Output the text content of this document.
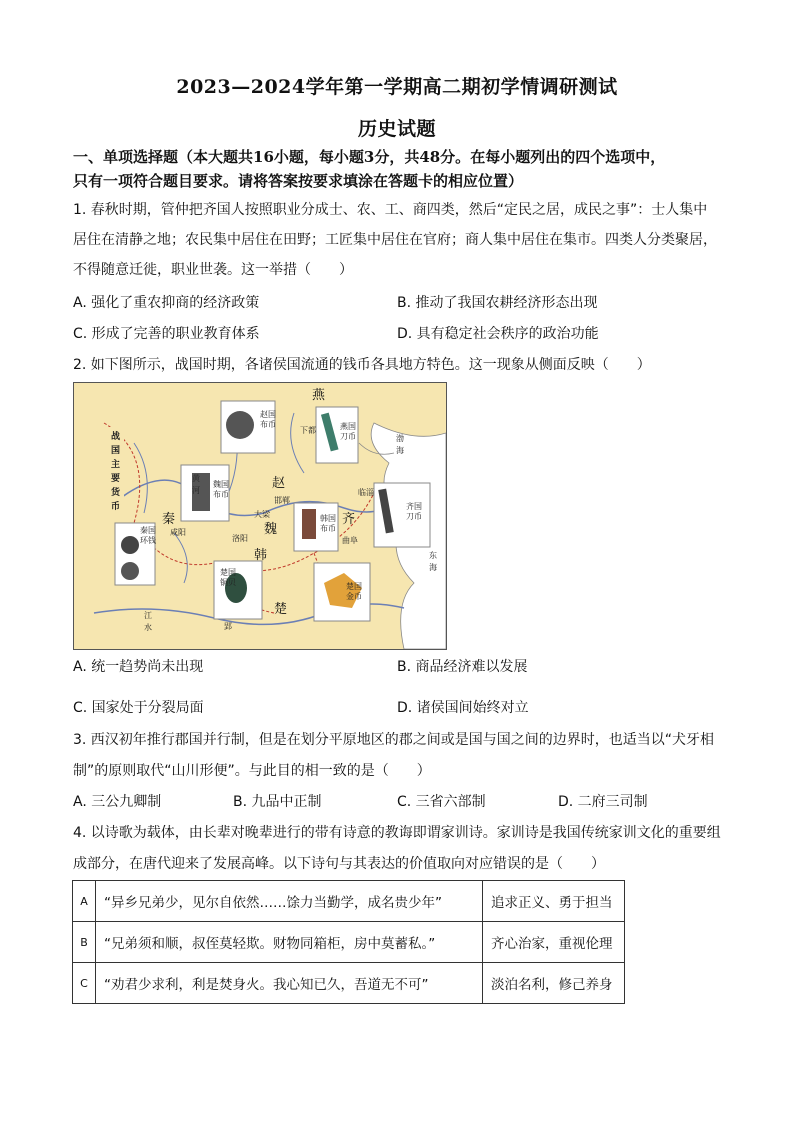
2023—2024学年第一学期高二期初学情调研测试
历史试题
一、单项选择题（本大题共16小题，每小题3分，共48分。在每小题列出的四个选项中，
只有一项符合题目要求。请将答案按要求填涂在答题卡的相应位置）
1. 春秋时期，管仲把齐国人按照职业分成士、农、工、商四类，然后“定民之居，成民之事”：士人集中
居住在清静之地；农民集中居住在田野；工匠集中居住在官府；商人集中居住在集市。四类人分类聚居，
不得随意迁徙，职业世袭。这一举措（　　）
A. 强化了重农抑商的经济政策	B. 推动了我国农耕经济形态出现
C. 形成了完善的职业教育体系	D. 具有稳定社会秩序的政治功能
2. 如下图所示，战国时期，各诸侯国流通的钱币各具地方特色。这一现象从侧面反映（　　）
战国主要货币
赵国
布币	燕国
刀币
魏国
布币
齐国
刀币
韩国
布币
秦国
环钱
楚国
铜贝	楚国
金币
燕
赵
齐
魏
秦
韩
楚
邯郸
临淄
咸阳
洛阳	曲阜
郢
下都
大梁
黄
河
东
海
渤
海
江
水
A. 统一趋势尚未出现	B. 商品经济难以发展
C. 国家处于分裂局面	D. 诸侯国间始终对立
3. 西汉初年推行郡国并行制，但是在划分平原地区的郡之间或是国与国之间的边界时，也适当以“犬牙相
制”的原则取代“山川形便”。与此目的相一致的是（　　）
A. 三公九卿制	B. 九品中正制	C. 三省六部制	D. 二府三司制
4. 以诗歌为载体，由长辈对晚辈进行的带有诗意的教诲即谓家训诗。家训诗是我国传统家训文化的重要组
成部分，在唐代迎来了发展高峰。以下诗句与其表达的价值取向对应错误的是（　　）
A	“异乡兄弟少，见尔自依然……馀力当勤学，成名贵少年”	追求正义、勇于担当
B	“兄弟须和顺，叔侄莫轻欺。财物同箱柜，房中莫蓄私。”	齐心治家，重视伦理
C	“劝君少求利，利是焚身火。我心知已久，吾道无不可”	淡泊名利，修己养身
